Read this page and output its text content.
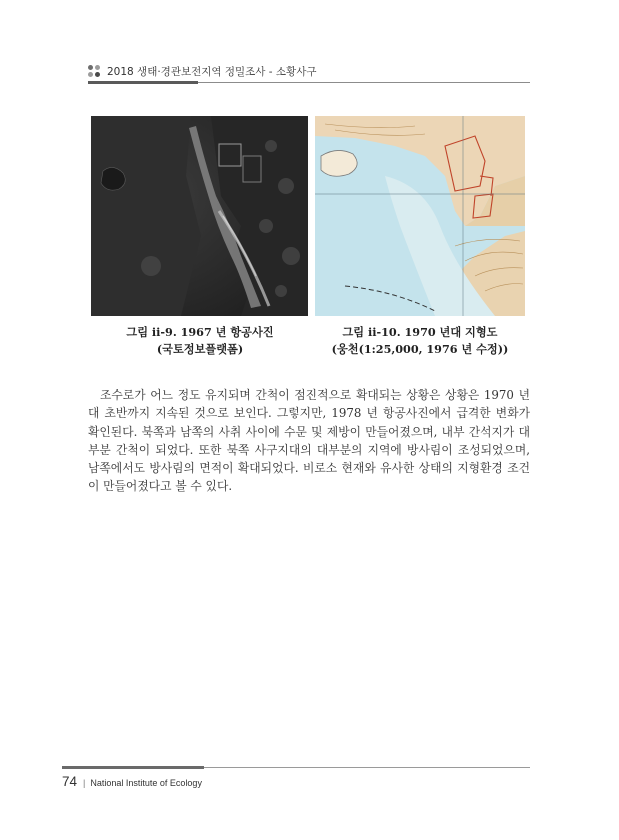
2018 생태·경관보전지역 정밀조사 - 소황사구
그림 ⅱ-9. 1967 년 항공사진
(국토정보플랫폼)
그림 ⅱ-10. 1970 년대 지형도
(웅천(1:25,000, 1976 년 수정))

조수로가 어느 정도 유지되며 간척이 점진적으로 확대되는 상황은 상황은 1970 년대 초반까지 지속된 것으로 보인다. 그렇지만, 1978 년 항공사진에서 급격한 변화가 확인된다. 북쪽과 남쪽의 사취 사이에 수문 및 제방이 만들어졌으며, 내부 간석지가 대부분 간척이 되었다. 또한 북쪽 사구지대의 대부분의 지역에 방사림이 조성되었으며, 남쪽에서도 방사림의 면적이 확대되었다. 비로소 현재와 유사한 상태의 지형환경 조건이 만들어졌다고 볼 수 있다.

74 | National Institute of Ecology
